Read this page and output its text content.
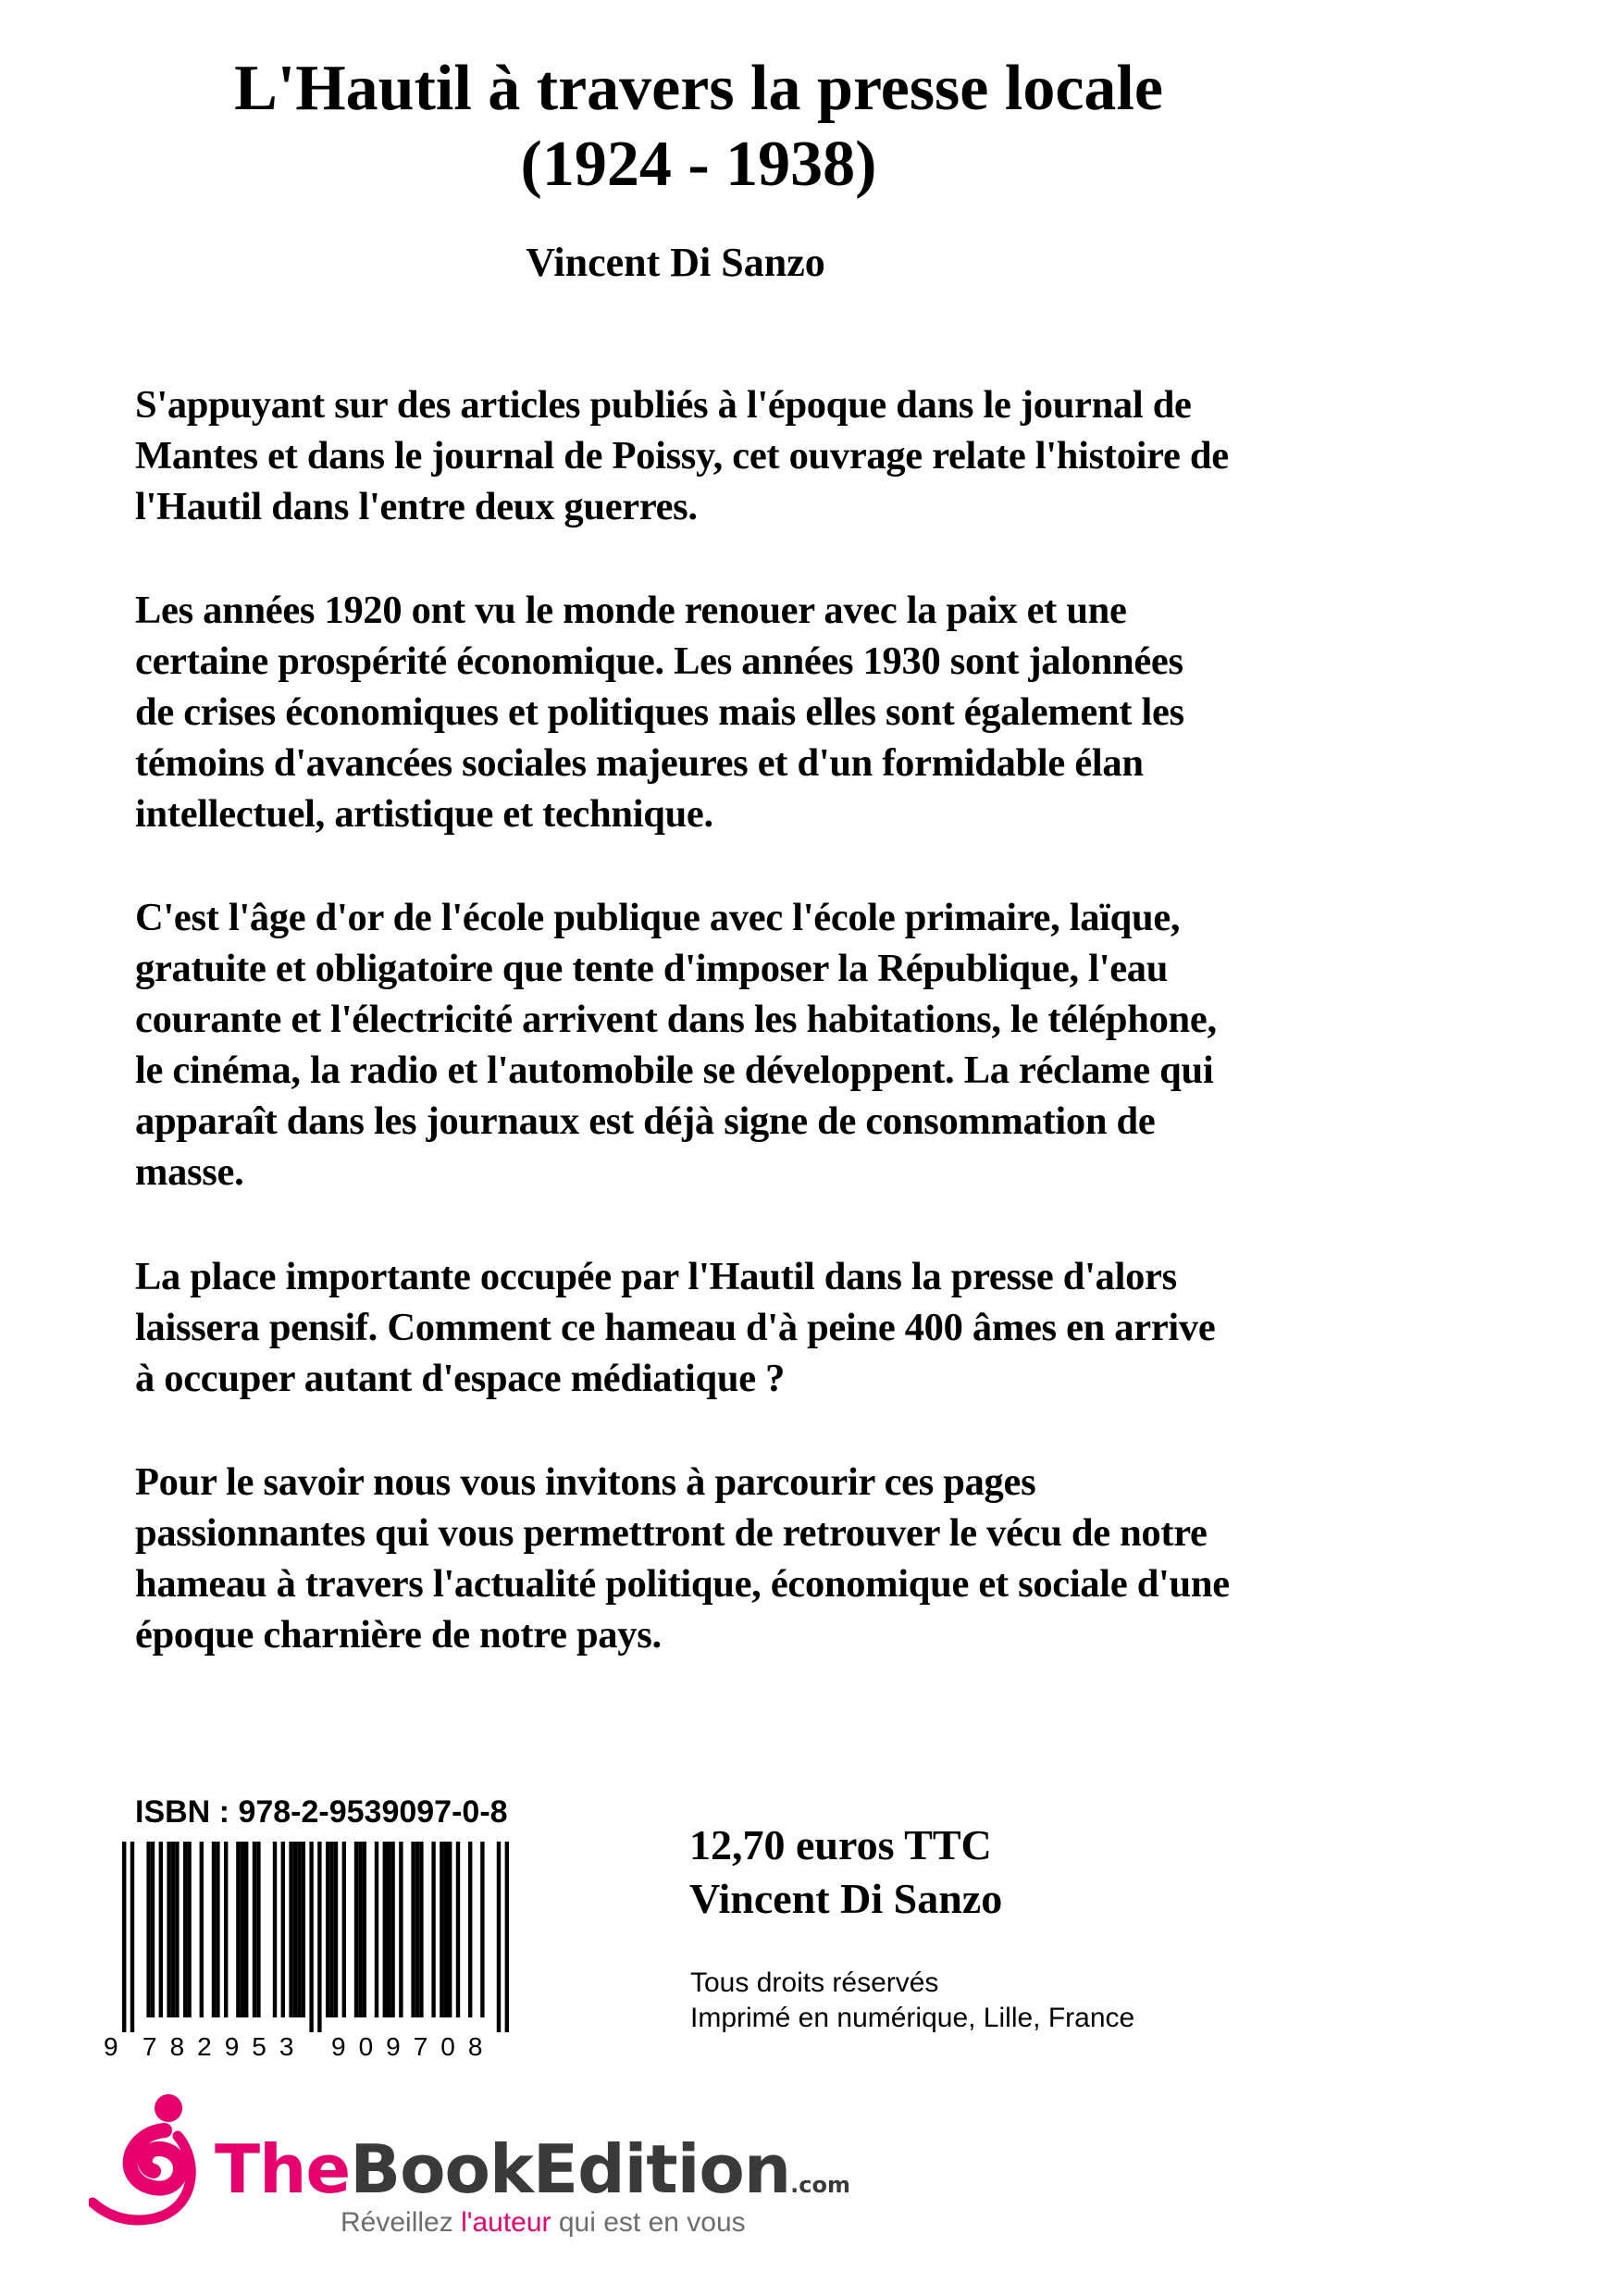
L'Hautil à travers la presse locale
(1924 - 1938)
Vincent Di Sanzo

S'appuyant sur des articles publiés à l'époque dans le journal de
Mantes et dans le journal de Poissy, cet ouvrage relate l'histoire de
l'Hautil dans l'entre deux guerres.

Les années 1920 ont vu le monde renouer avec la paix et une
certaine prospérité économique. Les années 1930 sont jalonnées
de crises économiques et politiques mais elles sont également les
témoins d'avancées sociales majeures et d'un formidable élan
intellectuel, artistique et technique.

C'est l'âge d'or de l'école publique avec l'école primaire, laïque,
gratuite et obligatoire que tente d'imposer la République, l'eau
courante et l'électricité arrivent dans les habitations, le téléphone,
le cinéma, la radio et l'automobile se développent. La réclame qui
apparaît dans les journaux est déjà signe de consommation de
masse.

La place importante occupée par l'Hautil dans la presse d'alors
laissera pensif. Comment ce hameau d'à peine 400 âmes en arrive
à occuper autant d'espace médiatique ?

Pour le savoir nous vous invitons à parcourir ces pages
passionnantes qui vous permettront de retrouver le vécu de notre
hameau à travers l'actualité politique, économique et sociale d'une
époque charnière de notre pays.

ISBN : 978-2-9539097-0-8
9 782953 909708
12,70 euros TTC
Vincent Di Sanzo
Tous droits réservés
Imprimé en numérique, Lille, France
TheBookEdition.com
Réveillez l'auteur qui est en vous
